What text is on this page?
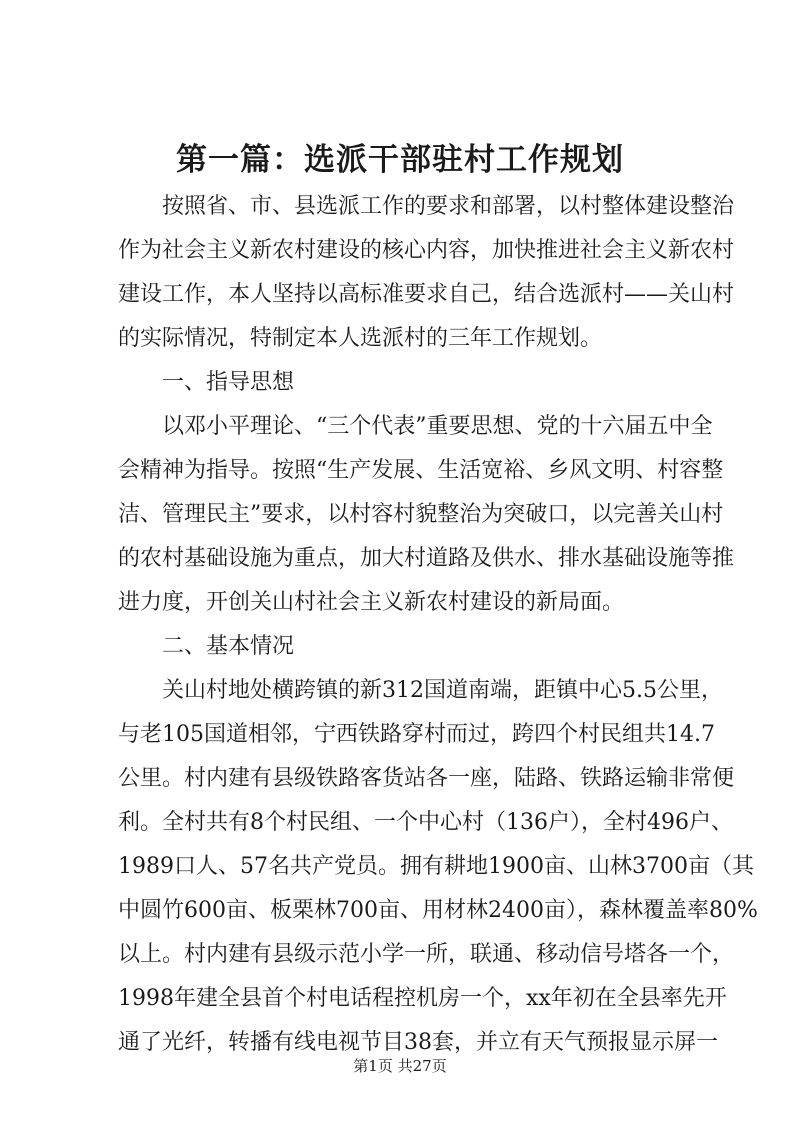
第一篇：选派干部驻村工作规划
按照省、市、县选派工作的要求和部署，以村整体建设整治
作为社会主义新农村建设的核心内容，加快推进社会主义新农村
建设工作，本人坚持以高标准要求自己，结合选派村——关山村
的实际情况，特制定本人选派村的三年工作规划。
一、指导思想
以邓小平理论、“三个代表”重要思想、党的十六届五中全
会精神为指导。按照“生产发展、生活宽裕、乡风文明、村容整
洁、管理民主”要求，以村容村貌整治为突破口，以完善关山村
的农村基础设施为重点，加大村道路及供水、排水基础设施等推
进力度，开创关山村社会主义新农村建设的新局面。
二、基本情况
关山村地处横跨镇的新312国道南端，距镇中心5.5公里，
与老105国道相邻，宁西铁路穿村而过，跨四个村民组共14.7
公里。村内建有县级铁路客货站各一座，陆路、铁路运输非常便
利。全村共有8个村民组、一个中心村（136户），全村496户、
1989口人、57名共产党员。拥有耕地1900亩、山林3700亩（其
中圆竹600亩、板栗林700亩、用材林2400亩），森林覆盖率80%
以上。村内建有县级示范小学一所，联通、移动信号塔各一个，
1998年建全县首个村电话程控机房一个，xx年初在全县率先开
通了光纤，转播有线电视节目38套，并立有天气预报显示屏一
第1页 共27页
